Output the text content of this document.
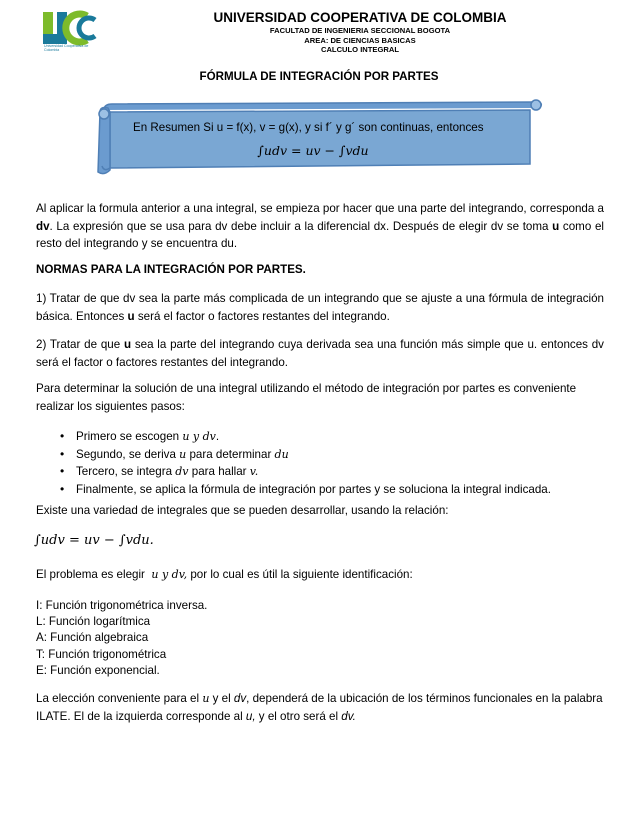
Universidad Cooperativa de Colombia
UNIVERSIDAD COOPERATIVA DE COLOMBIA
FACULTAD DE INGENIERIA SECCIONAL BOGOTA
AREA: DE CIENCIAS BASICAS
CALCULO INTEGRAL
FÓRMULA DE INTEGRACIÓN POR PARTES
En Resumen Si u = f(x), v = g(x), y si f´ y g´ son continuas, entonces
∫udv = uv − ∫vdu
Al aplicar la formula anterior a una integral, se empieza por hacer que una parte del integrando, corresponda a dv. La expresión que se usa para dv debe incluir a la diferencial dx. Después de elegir dv se toma u como el resto del integrando y se encuentra du.
NORMAS PARA LA INTEGRACIÓN POR PARTES.
1) Tratar de que dv sea la parte más complicada de un integrando que se ajuste a una fórmula de integración básica. Entonces u será el factor o factores restantes del integrando.
2) Tratar de que u sea la parte del integrando cuya derivada sea una función más simple que u. entonces dv será el factor o factores restantes del integrando.
Para determinar la solución de una integral utilizando el método de integración por partes es conveniente realizar los siguientes pasos:
• Primero se escogen u y dv.
• Segundo, se deriva u para determinar du
• Tercero, se integra dv para hallar v.
• Finalmente, se aplica la fórmula de integración por partes y se soluciona la integral indicada.
Existe una variedad de integrales que se pueden desarrollar, usando la relación:
∫udv = uv − ∫vdu.
El problema es elegir u y dv, por lo cual es útil la siguiente identificación:
I: Función trigonométrica inversa.
L: Función logarítmica
A: Función algebraica
T: Función trigonométrica
E: Función exponencial.
La elección conveniente para el u y el dv, dependerá de la ubicación de los términos funcionales en la palabra ILATE. El de la izquierda corresponde al u, y el otro será el dv.
